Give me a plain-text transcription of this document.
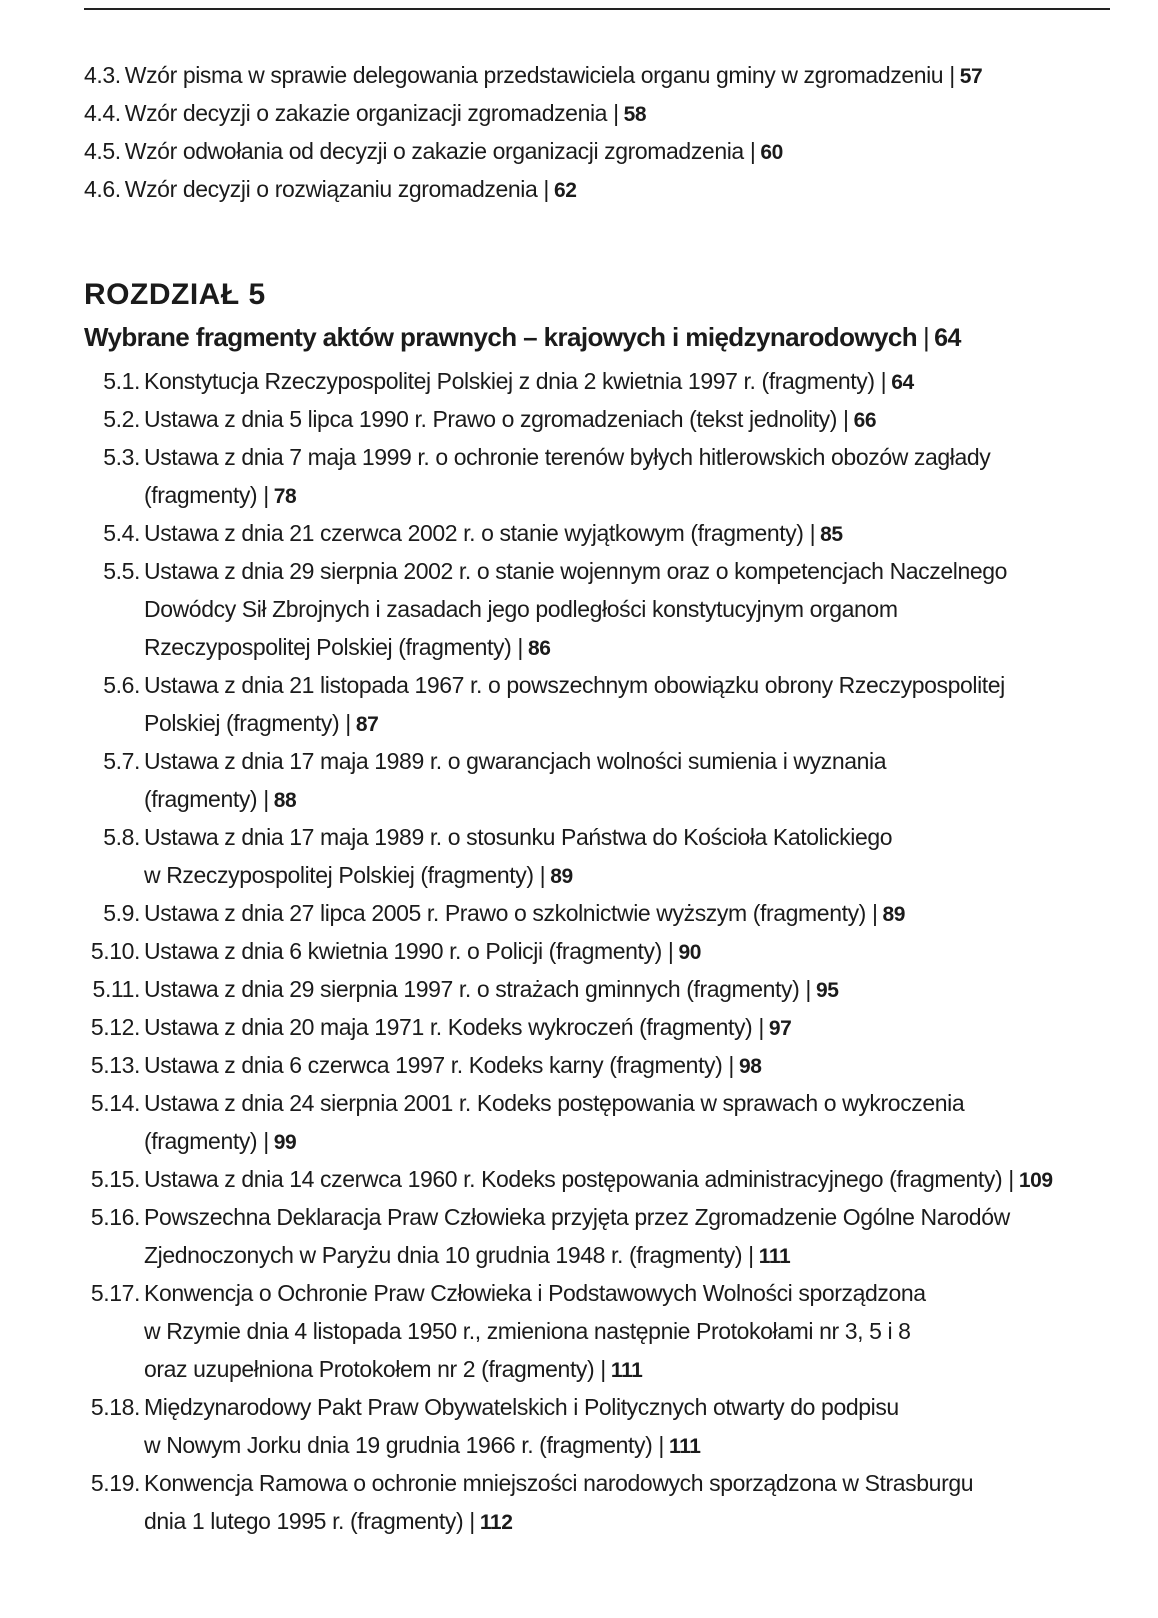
4.3. Wzór pisma w sprawie delegowania przedstawiciela organu gminy w zgromadzeniu | 57
4.4. Wzór decyzji o zakazie organizacji zgromadzenia | 58
4.5. Wzór odwołania od decyzji o zakazie organizacji zgromadzenia | 60
4.6. Wzór decyzji o rozwiązaniu zgromadzenia | 62
ROZDZIAŁ 5
Wybrane fragmenty aktów prawnych – krajowych i międzynarodowych | 64
5.1. Konstytucja Rzeczypospolitej Polskiej z dnia 2 kwietnia 1997 r. (fragmenty) | 64
5.2. Ustawa z dnia 5 lipca 1990 r. Prawo o zgromadzeniach (tekst jednolity) | 66
5.3. Ustawa z dnia 7 maja 1999 r. o ochronie terenów byłych hitlerowskich obozów zagłady
(fragmenty) | 78
5.4. Ustawa z dnia 21 czerwca 2002 r. o stanie wyjątkowym (fragmenty) | 85
5.5. Ustawa z dnia 29 sierpnia 2002 r. o stanie wojennym oraz o kompetencjach Naczelnego
Dowódcy Sił Zbrojnych i zasadach jego podległości konstytucyjnym organom
Rzeczypospolitej Polskiej (fragmenty) | 86
5.6. Ustawa z dnia 21 listopada 1967 r. o powszechnym obowiązku obrony Rzeczypospolitej
Polskiej (fragmenty) | 87
5.7. Ustawa z dnia 17 maja 1989 r. o gwarancjach wolności sumienia i wyznania
(fragmenty) | 88
5.8. Ustawa z dnia 17 maja 1989 r. o stosunku Państwa do Kościoła Katolickiego
w Rzeczypospolitej Polskiej (fragmenty) | 89
5.9. Ustawa z dnia 27 lipca 2005 r. Prawo o szkolnictwie wyższym (fragmenty) | 89
5.10. Ustawa z dnia 6 kwietnia 1990 r. o Policji (fragmenty) | 90
5.11. Ustawa z dnia 29 sierpnia 1997 r. o strażach gminnych (fragmenty) | 95
5.12. Ustawa z dnia 20 maja 1971 r. Kodeks wykroczeń (fragmenty) | 97
5.13. Ustawa z dnia 6 czerwca 1997 r. Kodeks karny (fragmenty) | 98
5.14. Ustawa z dnia 24 sierpnia 2001 r. Kodeks postępowania w sprawach o wykroczenia
(fragmenty) | 99
5.15. Ustawa z dnia 14 czerwca 1960 r. Kodeks postępowania administracyjnego (fragmenty) | 109
5.16. Powszechna Deklaracja Praw Człowieka przyjęta przez Zgromadzenie Ogólne Narodów
Zjednoczonych w Paryżu dnia 10 grudnia 1948 r. (fragmenty) | 111
5.17. Konwencja o Ochronie Praw Człowieka i Podstawowych Wolności sporządzona
w Rzymie dnia 4 listopada 1950 r., zmieniona następnie Protokołami nr 3, 5 i 8
oraz uzupełniona Protokołem nr 2 (fragmenty) | 111
5.18. Międzynarodowy Pakt Praw Obywatelskich i Politycznych otwarty do podpisu
w Nowym Jorku dnia 19 grudnia 1966 r. (fragmenty) | 111
5.19. Konwencja Ramowa o ochronie mniejszości narodowych sporządzona w Strasburgu
dnia 1 lutego 1995 r. (fragmenty) | 112
